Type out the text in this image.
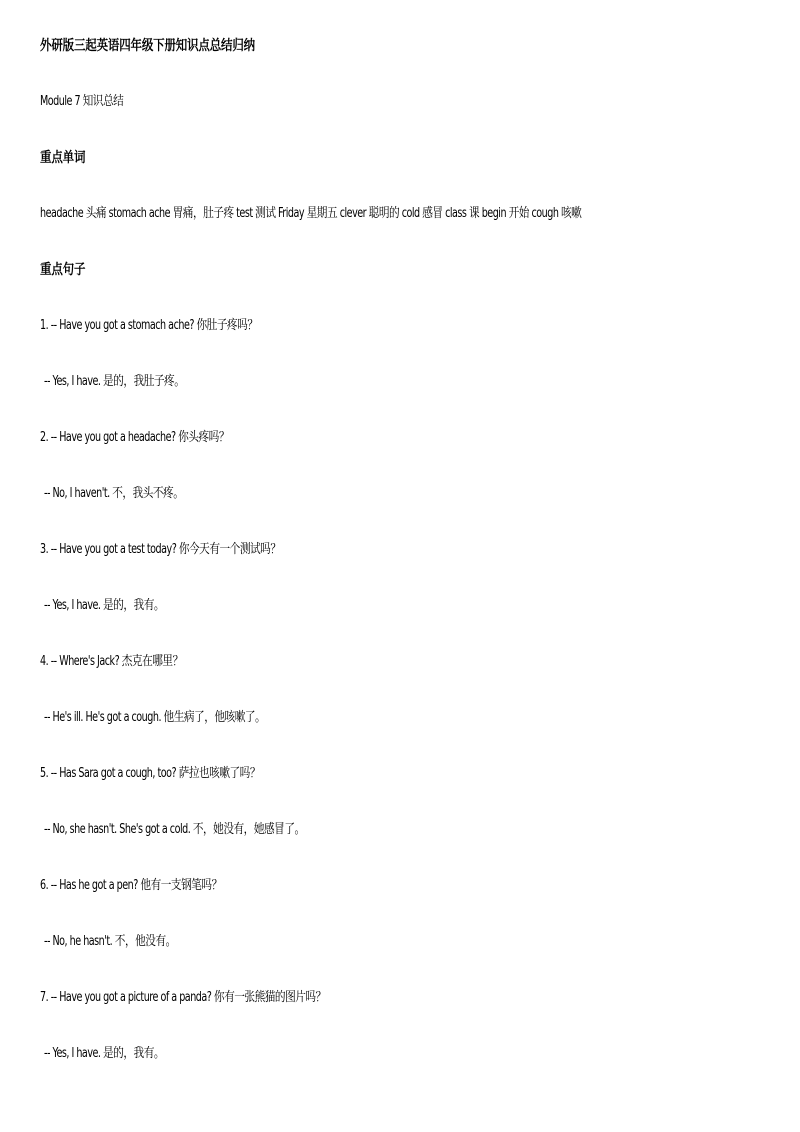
外研版三起英语四年级下册知识点总结归纳
Module 7 知识总结
重点单词
headache 头痛 stomach ache 胃痛，肚子疼 test 测试 Friday 星期五 clever 聪明的 cold 感冒 class 课 begin 开始 cough 咳嗽
重点句子
1. -- Have you got a stomach ache? 你肚子疼吗？
-- Yes, I have. 是的，我肚子疼。
2. -- Have you got a headache? 你头疼吗？
-- No, I haven't. 不，我头不疼。
3. -- Have you got a test today? 你今天有一个测试吗？
-- Yes, I have. 是的，我有。
4. -- Where's Jack? 杰克在哪里？
-- He's ill. He's got a cough. 他生病了，他咳嗽了。
5. -- Has Sara got a cough, too? 萨拉也咳嗽了吗？
-- No, she hasn't. She's got a cold. 不，她没有，她感冒了。
6. -- Has he got a pen? 他有一支钢笔吗？
-- No, he hasn't. 不，他没有。
7. -- Have you got a picture of a panda? 你有一张熊猫的图片吗？
-- Yes, I have. 是的，我有。
